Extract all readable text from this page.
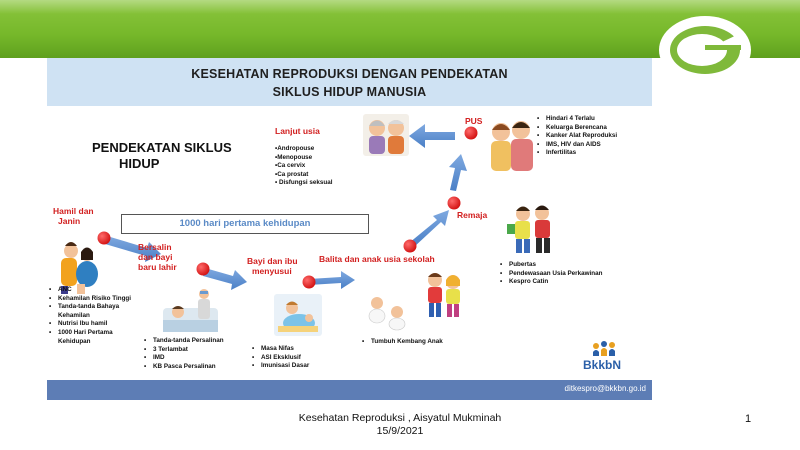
KESEHATAN REPRODUKSI DENGAN PENDEKATAN
SIKLUS HIDUP MANUSIA
PENDEKATAN SIKLUS
HIDUP
1000 hari pertama kehidupan
Hamil dan
Janin
• ANC
• Kehamilan Risiko Tinggi
• Tanda-tanda Bahaya
Kehamilan
• Nutrisi Ibu hamil
• 1000 Hari Pertama
Kehidupan
Bersalin
dan bayi
baru lahir
• Tanda-tanda Persalinan
• 3 Terlambat
• IMD
• KB Pasca Persalinan
Bayi dan ibu
menyusui
• Masa Nifas
• ASI Eksklusif
• Imunisasi Dasar
Balita dan anak usia sekolah
• Tumbuh Kembang Anak
Remaja
• Pubertas
• Pendewasaan Usia Perkawinan
• Kespro Catin
PUS
•	Hindari 4 Terlalu
• Keluarga Berencana
• Kanker Alat Reproduksi
• IMS, HIV dan AIDS
• Infertilitas
Lanjut usia
•Andropouse
•Menopouse
•Ca cervix
•Ca prostat
• Disfungsi seksual
BkkbN
ditkespro@bkkbn.go.id
Kesehatan Reproduksi , Aisyatul Mukminah
15/9/2021
1
